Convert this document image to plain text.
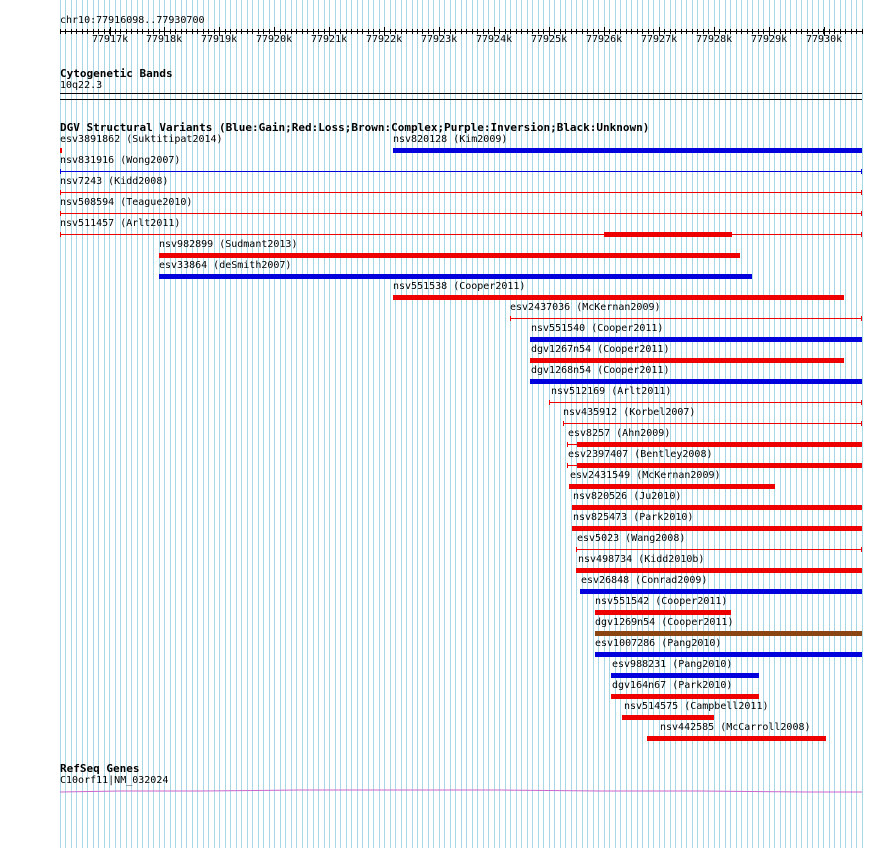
chr10:77916098..77930700
77917k 77918k 77919k 77920k 77921k 77922k 77923k 77924k 77925k 77926k 77927k 77928k 77929k 77930k
Cytogenetic Bands
10q22.3
DGV Structural Variants (Blue:Gain;Red:Loss;Brown:Complex;Purple:Inversion;Black:Unknown)
esv3891862 (Suktitipat2014)	nsv820128 (Kim2009)
nsv831916 (Wong2007)
nsv7243 (Kidd2008)
nsv508594 (Teague2010)
nsv511457 (Arlt2011)
nsv982899 (Sudmant2013)
esv33864 (deSmith2007)
nsv551538 (Cooper2011)
esv2437036 (McKernan2009)
nsv551540 (Cooper2011)
dgv1267n54 (Cooper2011)
dgv1268n54 (Cooper2011)
nsv512169 (Arlt2011)
nsv435912 (Korbel2007)
esv8257 (Ahn2009)
esv2397407 (Bentley2008)
esv2431549 (McKernan2009)
nsv820526 (Ju2010)
nsv825473 (Park2010)
esv5023 (Wang2008)
nsv498734 (Kidd2010b)
esv26848 (Conrad2009)
nsv551542 (Cooper2011)
dgv1269n54 (Cooper2011)
esv1007286 (Pang2010)
esv988231 (Pang2010)
dgv164n67 (Park2010)
nsv514575 (Campbell2011)
nsv442585 (McCarroll2008)
RefSeq Genes
C10orf11|NM_032024
